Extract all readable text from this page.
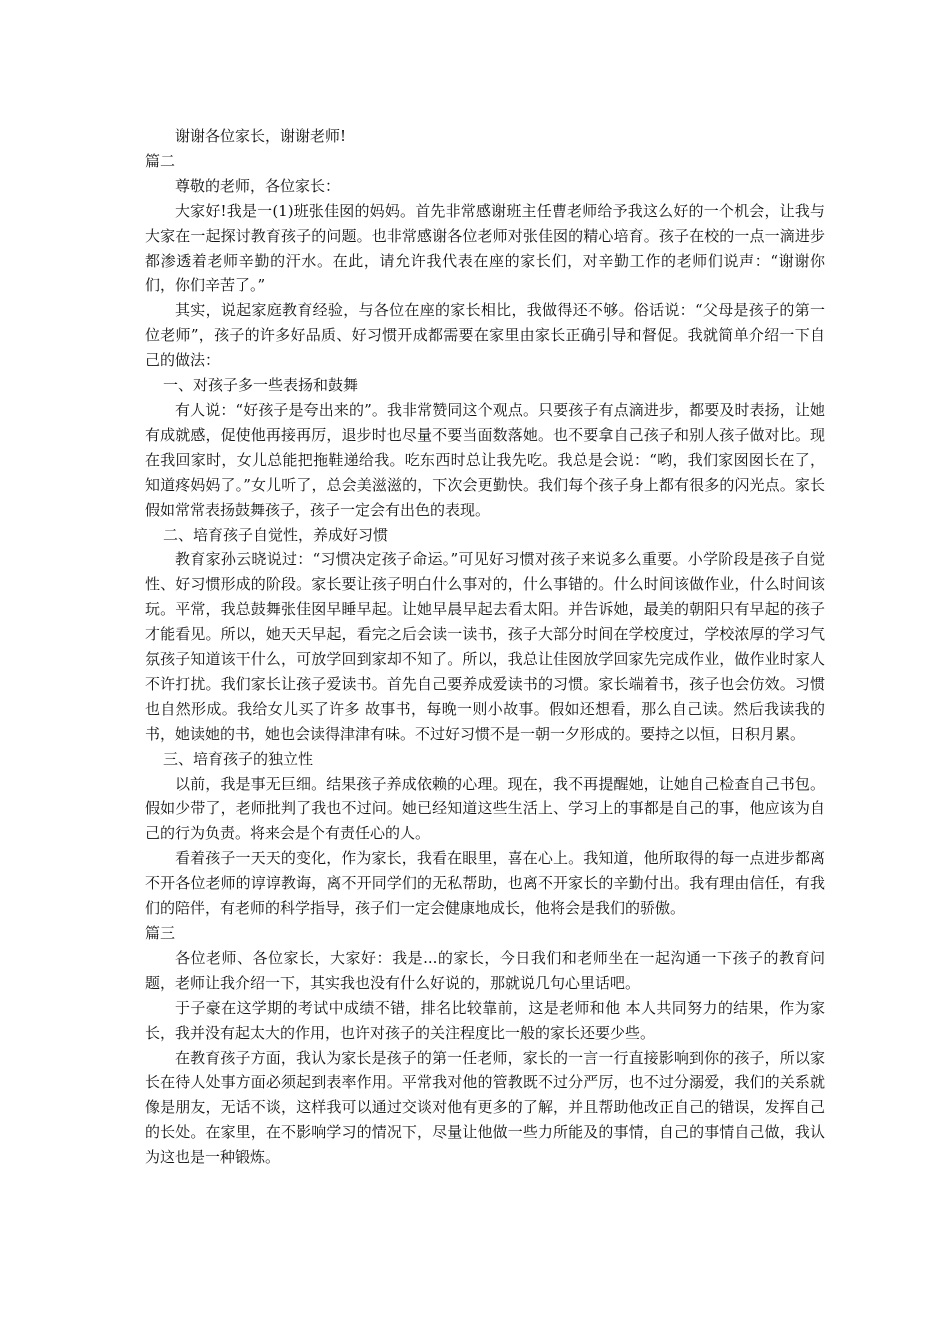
谢谢各位家长，谢谢老师!

篇二

尊敬的老师，各位家长：

大家好!我是一(1)班张佳囡的妈妈。首先非常感谢班主任曹老师给予我这么好的一个机会，让我与大家在一起探讨教育孩子的问题。也非常感谢各位老师对张佳囡的精心培育。孩子在校的一点一滴进步都渗透着老师辛勤的汗水。在此，请允许我代表在座的家长们，对辛勤工作的老师们说声：“谢谢你们，你们辛苦了。”

其实，说起家庭教育经验，与各位在座的家长相比，我做得还不够。俗话说：“父母是孩子的第一位老师”，孩子的许多好品质、好习惯开成都需要在家里由家长正确引导和督促。我就简单介绍一下自己的做法：

一、对孩子多一些表扬和鼓舞

有人说：“好孩子是夸出来的”。我非常赞同这个观点。只要孩子有点滴进步，都要及时表扬，让她有成就感，促使他再接再厉，退步时也尽量不要当面数落她。也不要拿自己孩子和别人孩子做对比。现在我回家时，女儿总能把拖鞋递给我。吃东西时总让我先吃。我总是会说：“哟，我们家囡囡长在了，知道疼妈妈了。”女儿听了，总会美滋滋的，下次会更勤快。我们每个孩子身上都有很多的闪光点。家长假如常常表扬鼓舞孩子，孩子一定会有出色的表现。

二、培育孩子自觉性，养成好习惯

教育家孙云晓说过：“习惯决定孩子命运。”可见好习惯对孩子来说多么重要。小学阶段是孩子自觉性、好习惯形成的阶段。家长要让孩子明白什么事对的，什么事错的。什么时间该做作业，什么时间该玩。平常，我总鼓舞张佳囡早睡早起。让她早晨早起去看太阳。并告诉她，最美的朝阳只有早起的孩子才能看见。所以，她天天早起，看完之后会读一读书，孩子大部分时间在学校度过，学校浓厚的学习气氛孩子知道该干什么，可放学回到家却不知了。所以，我总让佳囡放学回家先完成作业，做作业时家人不许打扰。我们家长让孩子爱读书。首先自己要养成爱读书的习惯。家长端着书，孩子也会仿效。习惯也自然形成。我给女儿买了许多 故事书，每晚一则小故事。假如还想看，那么自己读。然后我读我的书，她读她的书，她也会读得津津有味。不过好习惯不是一朝一夕形成的。要持之以恒，日积月累。

三、培育孩子的独立性

以前，我是事无巨细。结果孩子养成依赖的心理。现在，我不再提醒她，让她自己检查自己书包。假如少带了，老师批判了我也不过问。她已经知道这些生活上、学习上的事都是自己的事，他应该为自己的行为负责。将来会是个有责任心的人。

看着孩子一天天的变化，作为家长，我看在眼里，喜在心上。我知道，他所取得的每一点进步都离不开各位老师的谆谆教诲，离不开同学们的无私帮助，也离不开家长的辛勤付出。我有理由信任，有我们的陪伴，有老师的科学指导，孩子们一定会健康地成长，他将会是我们的骄傲。

篇三

各位老师、各位家长，大家好：我是...的家长，今日我们和老师坐在一起沟通一下孩子的教育问题，老师让我介绍一下，其实我也没有什么好说的，那就说几句心里话吧。

于子豪在这学期的考试中成绩不错，排名比较靠前，这是老师和他 本人共同努力的结果，作为家长，我并没有起太大的作用，也许对孩子的关注程度比一般的家长还要少些。

在教育孩子方面，我认为家长是孩子的第一任老师，家长的一言一行直接影响到你的孩子，所以家长在待人处事方面必须起到表率作用。平常我对他的管教既不过分严厉，也不过分溺爱，我们的关系就像是朋友，无话不谈，这样我可以通过交谈对他有更多的了解，并且帮助他改正自己的错误，发挥自己的长处。在家里，在不影响学习的情况下，尽量让他做一些力所能及的事情，自己的事情自己做，我认为这也是一种锻炼。
